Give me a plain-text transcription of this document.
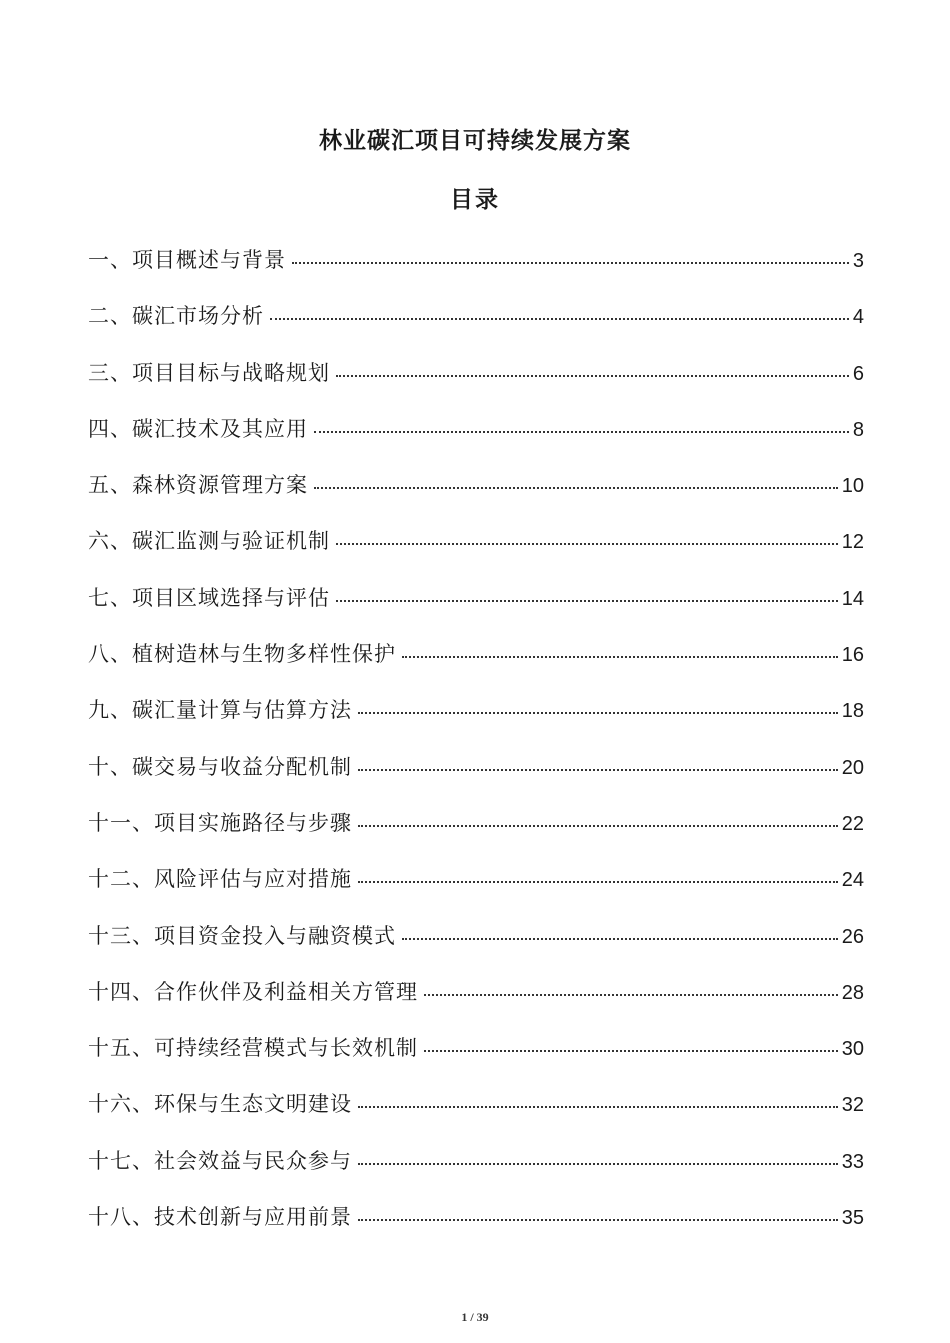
林业碳汇项目可持续发展方案
目录
一、项目概述与背景	3
二、碳汇市场分析	4
三、项目目标与战略规划	6
四、碳汇技术及其应用	8
五、森林资源管理方案	10
六、碳汇监测与验证机制	12
七、项目区域选择与评估	14
八、植树造林与生物多样性保护	16
九、碳汇量计算与估算方法	18
十、碳交易与收益分配机制	20
十一、项目实施路径与步骤	22
十二、风险评估与应对措施	24
十三、项目资金投入与融资模式	26
十四、合作伙伴及利益相关方管理	28
十五、可持续经营模式与长效机制	30
十六、环保与生态文明建设	32
十七、社会效益与民众参与	33
十八、技术创新与应用前景	35
1 / 39
